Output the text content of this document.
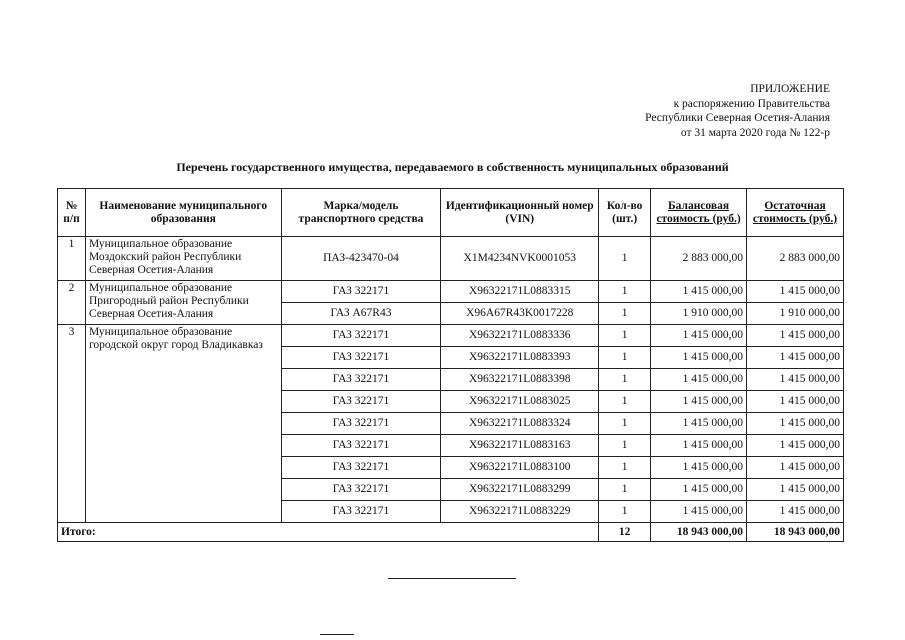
ПРИЛОЖЕНИЕ
к распоряжению Правительства
Республики Северная Осетия-Алания
от 31 марта 2020 года № 122-р
Перечень государственного имущества, передаваемого в собственность муниципальных образований
№ п/п	Наименование муниципального образования	Марка/модель транспортного средства	Идентификационный номер (VIN)	Кол-во (шт.)	Балансовая стоимость (руб.)	Остаточная стоимость (руб.)
1	Муниципальное образование Моздокский район Республики Северная Осетия-Алания	ПАЗ-423470-04	Х1М4234NVK0001053	1	2 883 000,00	2 883 000,00
2	Муниципальное образование Пригородный район Республики Северная Осетия-Алания	ГАЗ 322171	Х96322171L0883315	1	1 415 000,00	1 415 000,00
		ГАЗ А67R43	Х96А67R43K0017228	1	1 910 000,00	1 910 000,00
3	Муниципальное образование городской округ город Владикавказ	ГАЗ 322171	Х96322171L0883336	1	1 415 000,00	1 415 000,00
		ГАЗ 322171	Х96322171L0883393	1	1 415 000,00	1 415 000,00
		ГАЗ 322171	Х96322171L0883398	1	1 415 000,00	1 415 000,00
		ГАЗ 322171	Х96322171L0883025	1	1 415 000,00	1 415 000,00
		ГАЗ 322171	Х96322171L0883324	1	1 415 000,00	1 415 000,00
		ГАЗ 322171	Х96322171L0883163	1	1 415 000,00	1 415 000,00
		ГАЗ 322171	Х96322171L0883100	1	1 415 000,00	1 415 000,00
		ГАЗ 322171	Х96322171L0883299	1	1 415 000,00	1 415 000,00
		ГАЗ 322171	Х96322171L0883229	1	1 415 000,00	1 415 000,00
Итого:				12	18 943 000,00	18 943 000,00
